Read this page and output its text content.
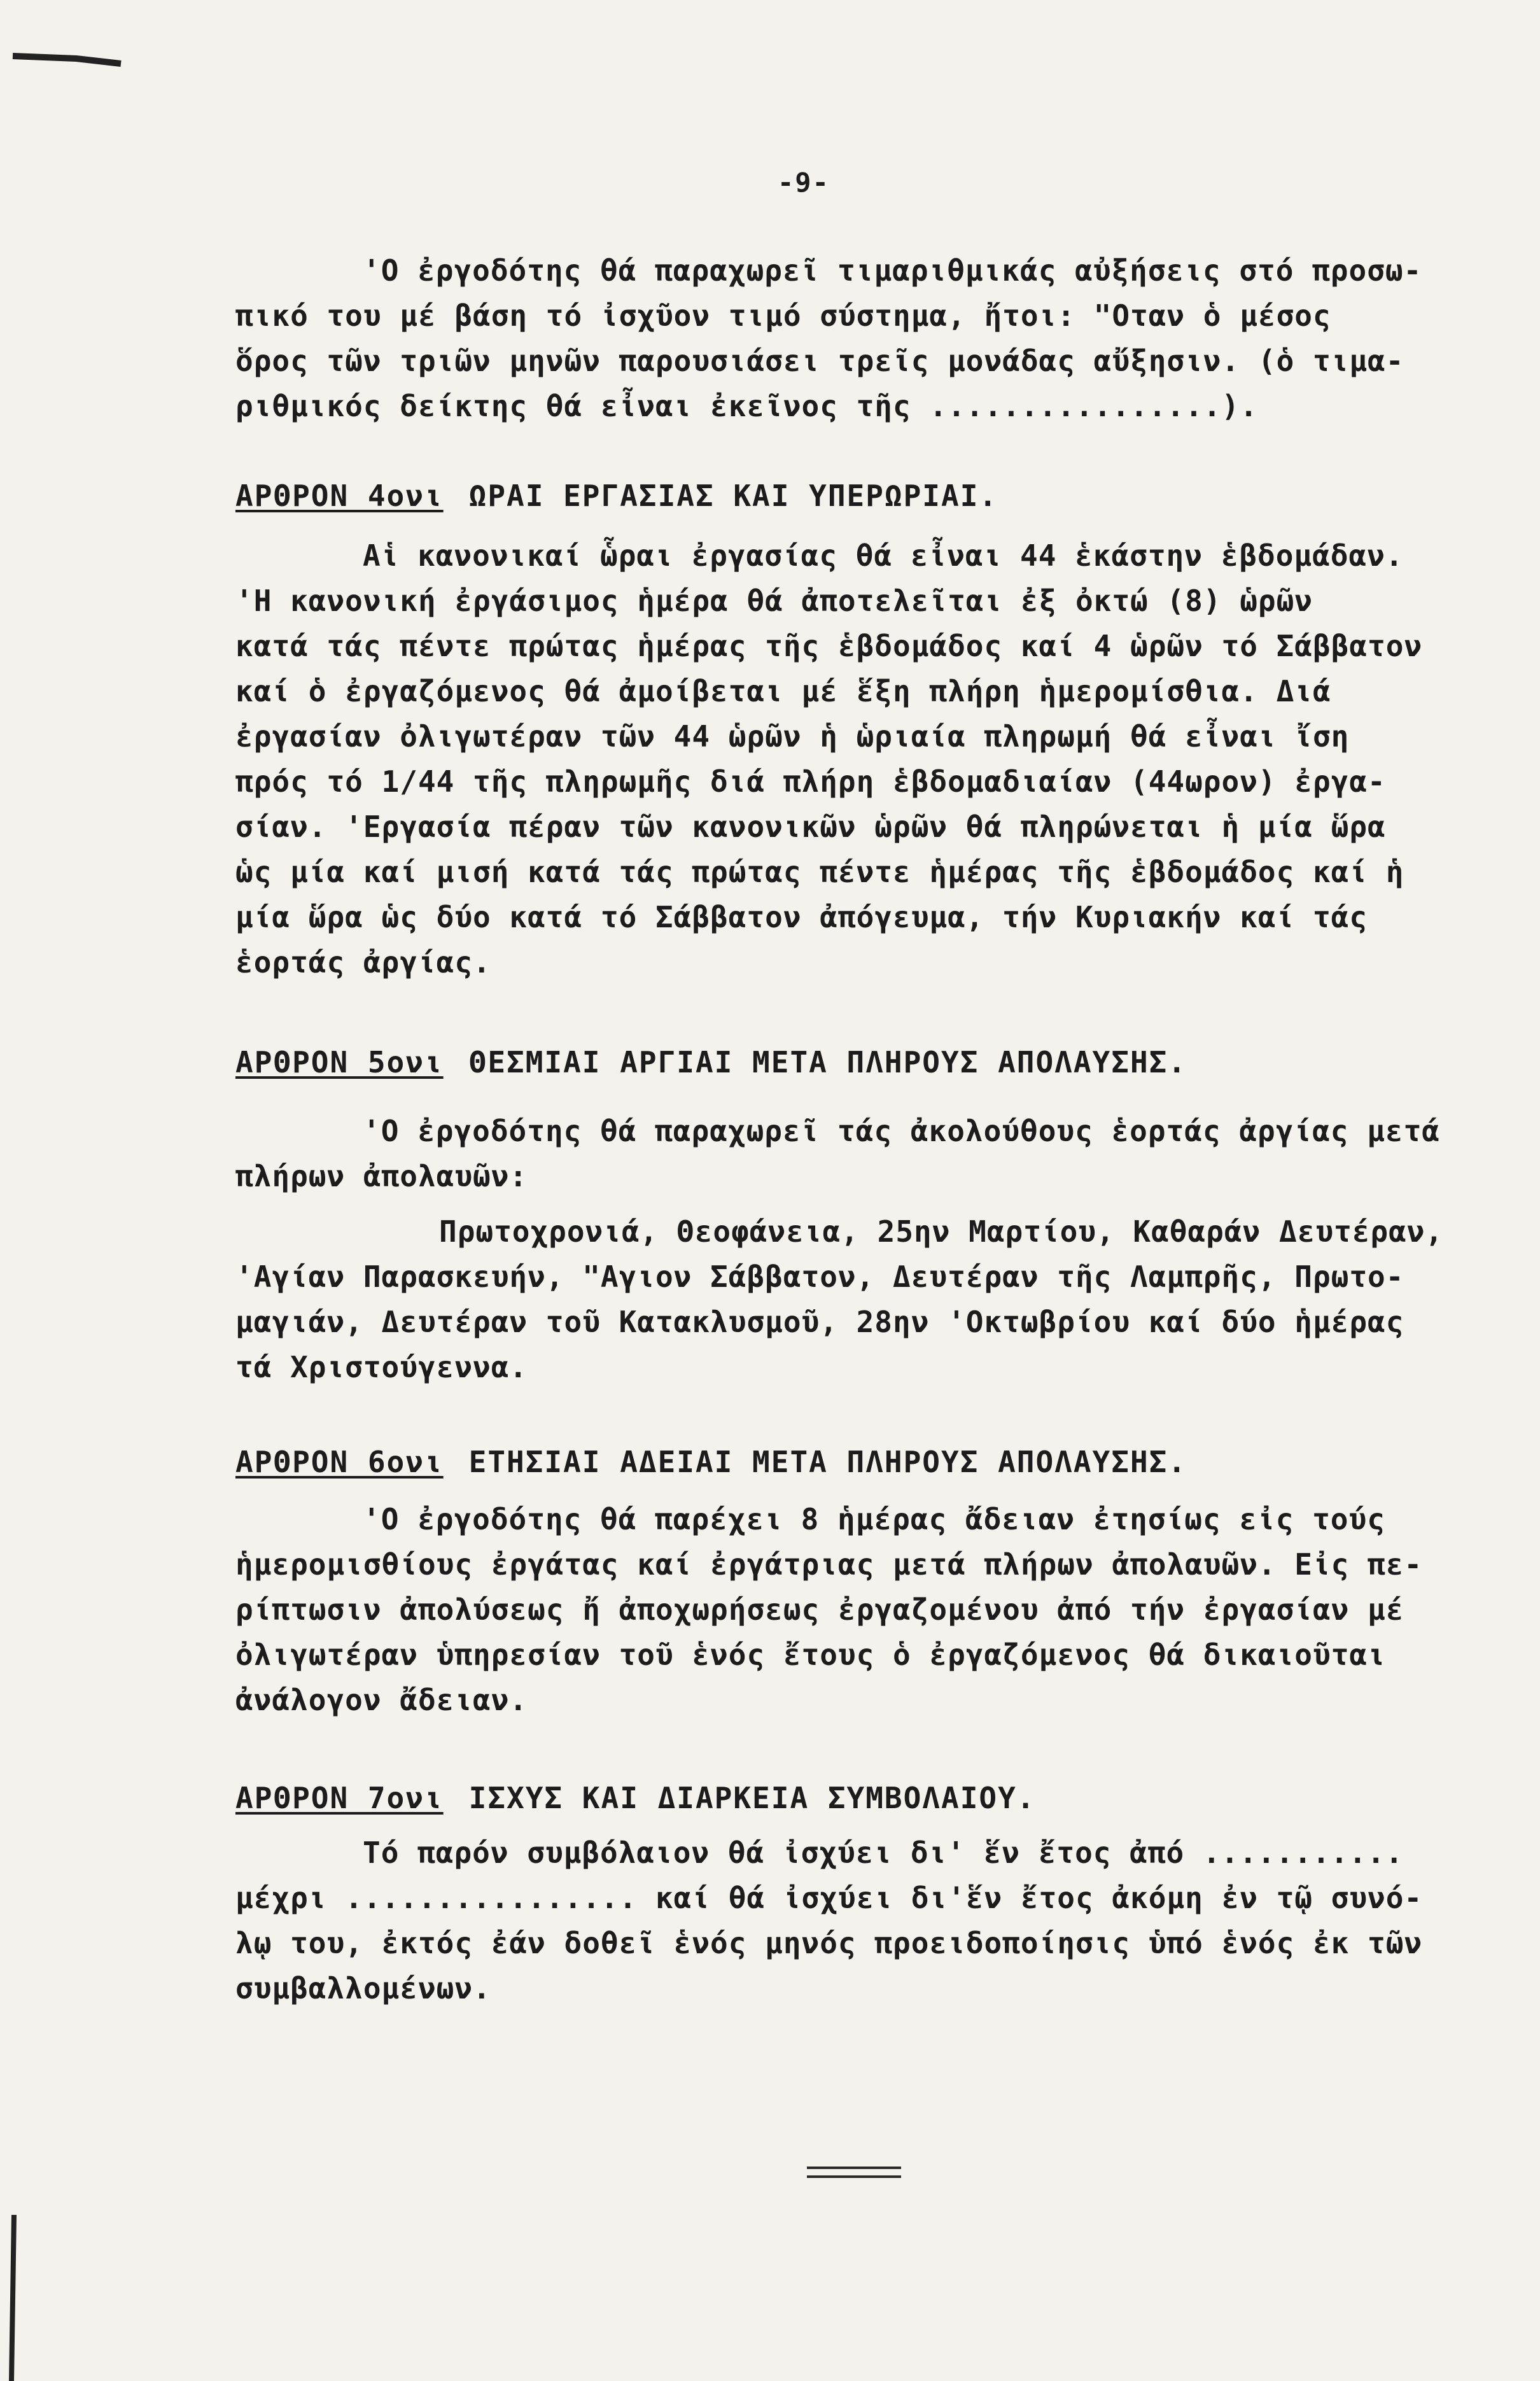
-9-
'Ο ἐργοδότης θά παραχωρεῖ τιμαριθμικάς αὐξήσεις στό προσω-
πικό του μέ βάση τό ἰσχῦον τιμό σύστημα, ἤτοι: "Οταν ὁ μέσος
ὅρος τῶν τριῶν μηνῶν παρουσιάσει τρεῖς μονάδας αὔξησιν. (ὁ τιμα-
ριθμικός δείκτης θά εἶναι ἐκεῖνος τῆς ................).
ΑΡΘΡΟΝ 4ονι ΩΡΑΙ ΕΡΓΑΣΙΑΣ ΚΑΙ ΥΠΕΡΩΡΙΑΙ.
Αἱ κανονικαί ὧραι ἐργασίας θά εἶναι 44 ἑκάστην ἑβδομάδαν.
'Η κανονική ἐργάσιμος ἡμέρα θά ἀποτελεῖται ἐξ ὀκτώ (8) ὡρῶν
κατά τάς πέντε πρώτας ἡμέρας τῆς ἑβδομάδος καί 4 ὡρῶν τό Σάββατον
καί ὁ ἐργαζόμενος θά ἀμοίβεται μέ ἕξη πλήρη ἡμερομίσθια. Διά
ἐργασίαν ὀλιγωτέραν τῶν 44 ὡρῶν ἡ ὡριαία πληρωμή θά εἶναι ἴση
πρός τό 1/44 τῆς πληρωμῆς διά πλήρη ἑβδομαδιαίαν (44ωρον) ἐργα-
σίαν. 'Εργασία πέραν τῶν κανονικῶν ὡρῶν θά πληρώνεται ἡ μία ὥρα
ὡς μία καί μισή κατά τάς πρώτας πέντε ἡμέρας τῆς ἑβδομάδος καί ἡ
μία ὥρα ὡς δύο κατά τό Σάββατον ἀπόγευμα, τήν Κυριακήν καί τάς
ἑορτάς ἀργίας.
ΑΡΘΡΟΝ 5ονι ΘΕΣΜΙΑΙ ΑΡΓΙΑΙ ΜΕΤΑ ΠΛΗΡΟΥΣ ΑΠΟΛΑΥΣΗΣ.
'Ο ἐργοδότης θά παραχωρεῖ τάς ἀκολούθους ἑορτάς ἀργίας μετά
πλήρων ἀπολαυῶν:
Πρωτοχρονιά, Θεοφάνεια, 25ην Μαρτίου, Καθαράν Δευτέραν,
'Αγίαν Παρασκευήν, "Αγιον Σάββατον, Δευτέραν τῆς Λαμπρῆς, Πρωτο-
μαγιάν, Δευτέραν τοῦ Κατακλυσμοῦ, 28ην 'Οκτωβρίου καί δύο ἡμέρας
τά Χριστούγεννα.
ΑΡΘΡΟΝ 6ονι ΕΤΗΣΙΑΙ ΑΔΕΙΑΙ ΜΕΤΑ ΠΛΗΡΟΥΣ ΑΠΟΛΑΥΣΗΣ.
'Ο ἐργοδότης θά παρέχει 8 ἡμέρας ἄδειαν ἐτησίως εἰς τούς
ἡμερομισθίους ἐργάτας καί ἐργάτριας μετά πλήρων ἀπολαυῶν. Εἰς πε-
ρίπτωσιν ἀπολύσεως ἤ ἀποχωρήσεως ἐργαζομένου ἀπό τήν ἐργασίαν μέ
ὀλιγωτέραν ὑπηρεσίαν τοῦ ἑνός ἔτους ὁ ἐργαζόμενος θά δικαιοῦται
ἀνάλογον ἄδειαν.
ΑΡΘΡΟΝ 7ονι ΙΣΧΥΣ ΚΑΙ ΔΙΑΡΚΕΙΑ ΣΥΜΒΟΛΑΙΟΥ.
Τό παρόν συμβόλαιον θά ἰσχύει δι' ἕν ἔτος ἀπό ...........
μέχρι ................ καί θά ἰσχύει δι'ἕν ἔτος ἀκόμη ἐν τῷ συνό-
λῳ του, ἐκτός ἐάν δοθεῖ ἑνός μηνός προειδοποίησις ὑπό ἑνός ἐκ τῶν
συμβαλλομένων.
